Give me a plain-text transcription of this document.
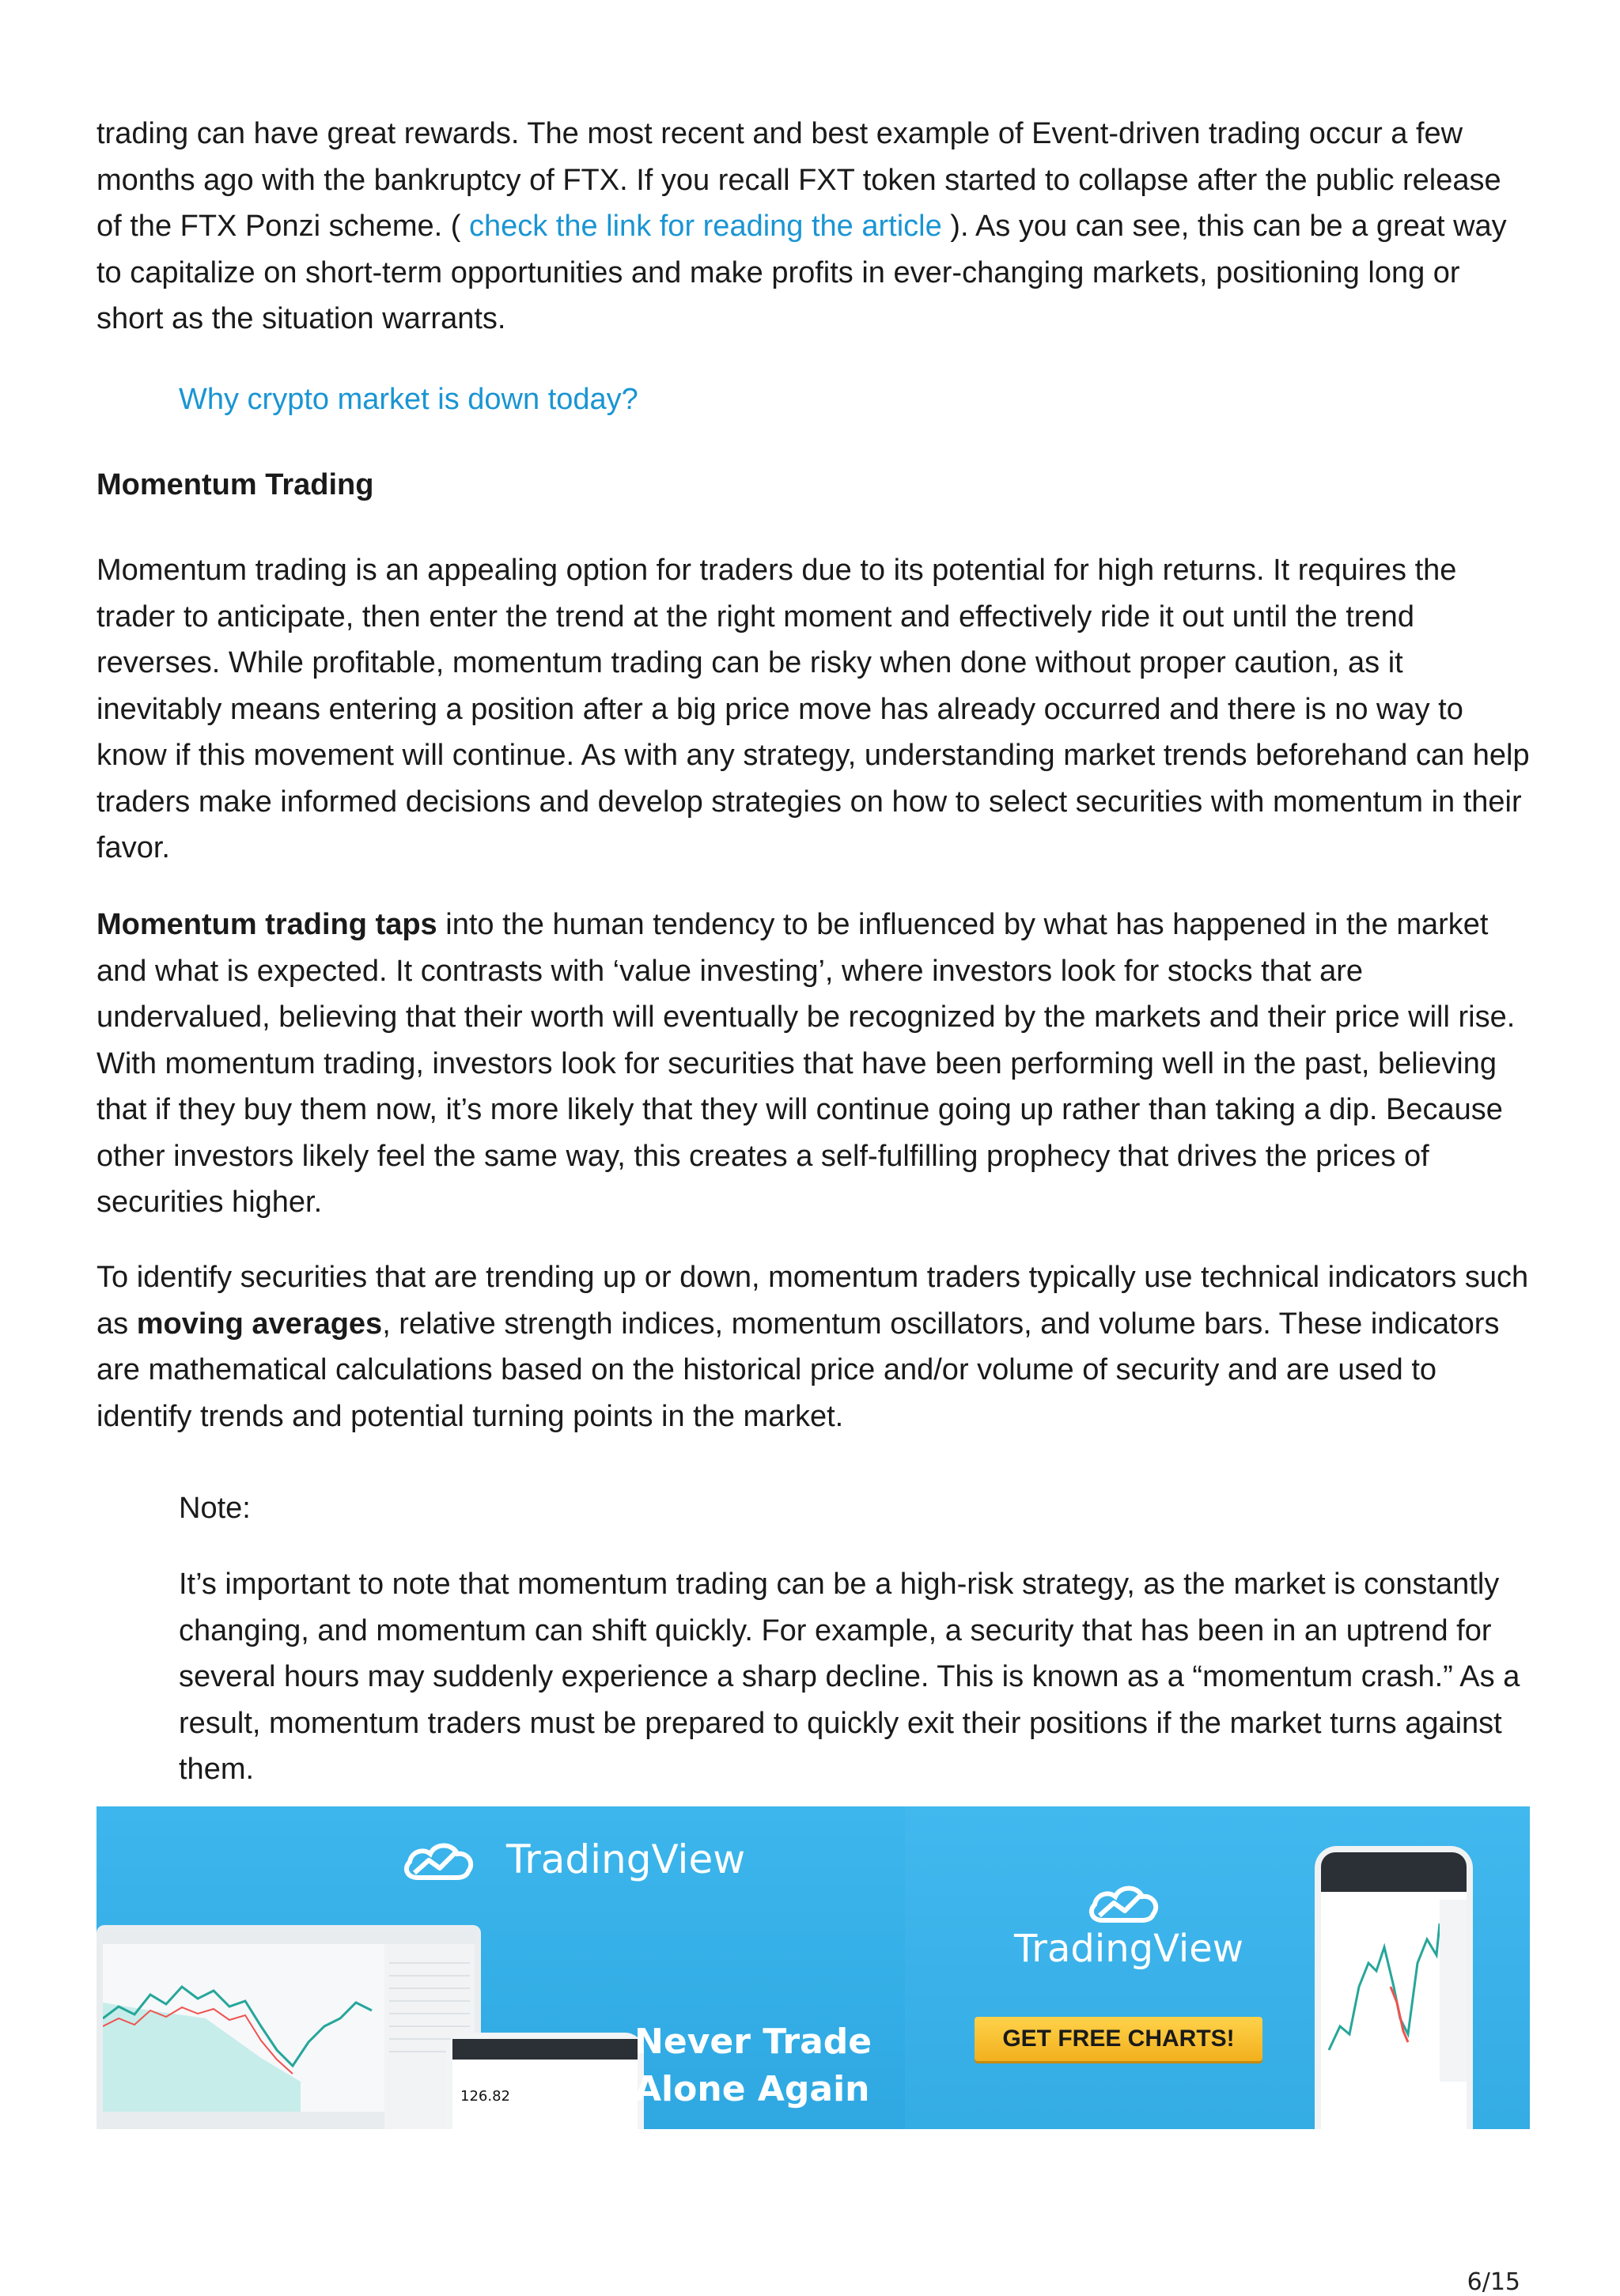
trading can have great rewards. The most recent and best example of Event-driven trading occur a few months ago with the bankruptcy of FTX. If you recall FXT token started to collapse after the public release of the FTX Ponzi scheme. ( check the link for reading the article ). As you can see, this can be a great way to capitalize on short-term opportunities and make profits in ever-changing markets, positioning long or short as the situation warrants.

Why crypto market is down today?

Momentum Trading

Momentum trading is an appealing option for traders due to its potential for high returns. It requires the trader to anticipate, then enter the trend at the right moment and effectively ride it out until the trend reverses. While profitable, momentum trading can be risky when done without proper caution, as it inevitably means entering a position after a big price move has already occurred and there is no way to know if this movement will continue. As with any strategy, understanding market trends beforehand can help traders make informed decisions and develop strategies on how to select securities with momentum in their favor.

Momentum trading taps into the human tendency to be influenced by what has happened in the market and what is expected. It contrasts with ‘value investing’, where investors look for stocks that are undervalued, believing that their worth will eventually be recognized by the markets and their price will rise. With momentum trading, investors look for securities that have been performing well in the past, believing that if they buy them now, it’s more likely that they will continue going up rather than taking a dip. Because other investors likely feel the same way, this creates a self-fulfilling prophecy that drives the prices of securities higher.

To identify securities that are trending up or down, momentum traders typically use technical indicators such as moving averages, relative strength indices, momentum oscillators, and volume bars. These indicators are mathematical calculations based on the historical price and/or volume of security and are used to identify trends and potential turning points in the market.

Note:

It’s important to note that momentum trading can be a high-risk strategy, as the market is constantly changing, and momentum can shift quickly. For example, a security that has been in an uptrend for several hours may suddenly experience a sharp decline. This is known as a “momentum crash.” As a result, momentum traders must be prepared to quickly exit their positions if the market turns against them.

TradingView
126.82
Never Trade
Alone Again
TradingView
GET FREE CHARTS!
6/15
